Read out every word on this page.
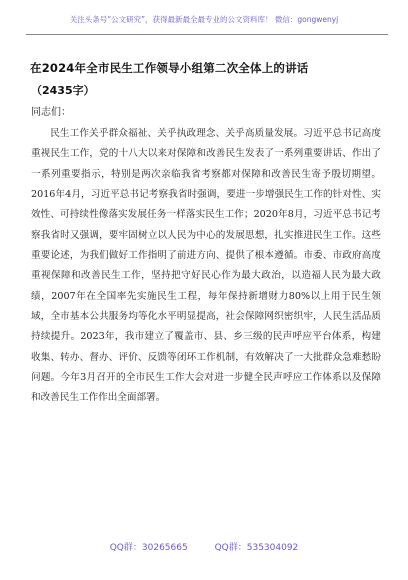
关注头条号“公文研究”，获得最新最全最专业的公文资料库！ 微信：gongwenyj
在2024年全市民生工作领导小组第二次全体上的讲话
（2435字）
同志们：
民生工作关乎群众福祉、关乎执政理念、关乎高质量发展。习近平总书记高度重视民生工作，党的十八大以来对保障和改善民生发表了一系列重要讲话、作出了一系列重要指示，特别是两次亲临我省考察都对保障和改善民生寄予殷切期望。2016年4月，习近平总书记考察我省时强调，要进一步增强民生工作的针对性、实效性、可持续性像落实发展任务一样落实民生工作；2020年8月，习近平总书记考察我省时又强调，要牢固树立以人民为中心的发展思想，扎实推进民生工作。这些重要论述，为我们做好工作指明了前进方向、提供了根本遵循。市委、市政府高度重视保障和改善民生工作，坚持把守好民心作为最大政治，以造福人民为最大政绩，2007年在全国率先实施民生工程，每年保持新增财力80%以上用于民生领域，全市基本公共服务均等化水平明显提高，社会保障网织密织牢，人民生活品质持续提升。2023年，我市建立了覆盖市、县、乡三级的民声呼应平台体系，构建收集、转办、督办、评价、反馈等闭环工作机制，有效解决了一大批群众急难愁盼问题。今年3月召开的全市民生工作大会对进一步健全民声呼应工作体系以及保障和改善民生工作作出全面部署。
QQ群：30265665	QQ群：535304092
